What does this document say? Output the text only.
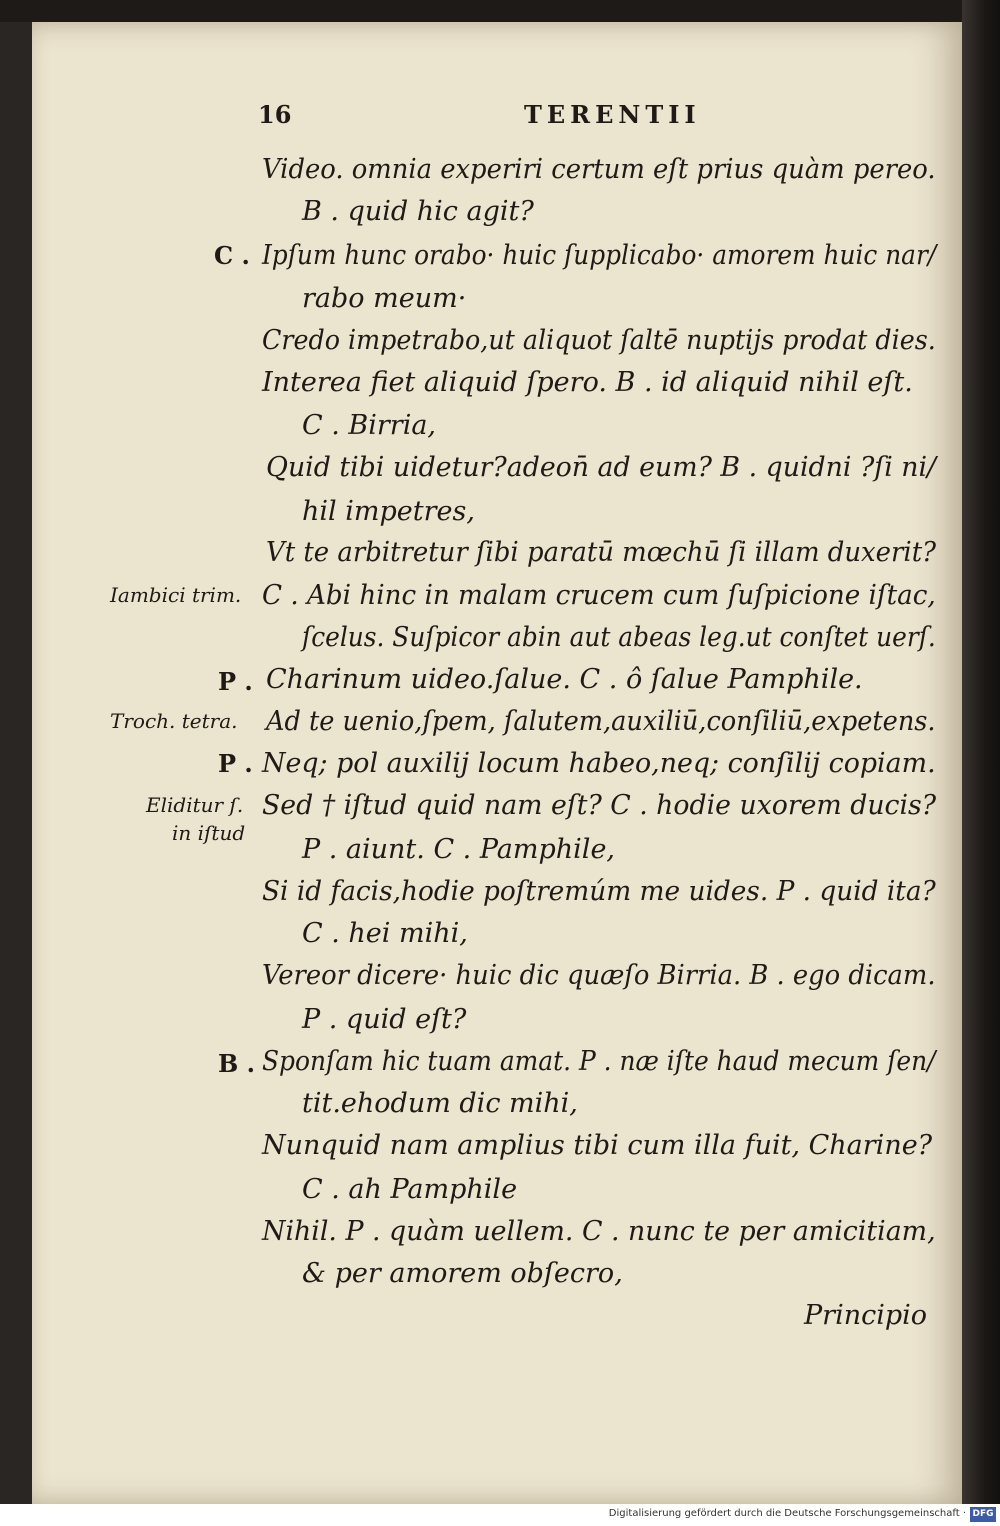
16	TERENTII
Video. omnia experiri certum eſt prius quàm pereo.
B . quid hic agit?
C . Ipſum hunc orabo· huic ſupplicabo· amorem huic nar/
rabo meum·
Credo impetrabo,ut aliquot ſaltē nuptijs prodat dies.
Interea fiet aliquid ſpero. B . id aliquid nihil eſt.
C . Birria,
Quid tibi uidetur?adeon̄ ad eum? B . quidni ?ſi ni/
hil impetres,
Vt te arbitretur ſibi paratū mœchū ſi illam duxerit?
Iambici trim. C . Abi hinc in malam crucem cum ſuſpicione iſtac,
ſcelus. Suſpicor abin aut abeas leg.ut conſtet uerſ.
P . Charinum uideo.ſalue. C . ô ſalue Pamphile.
Troch. tetra. Ad te uenio,ſpem, ſalutem,auxiliū,conſiliū,expetens.
P . Neq; pol auxilij locum habeo,neq; conſilij copiam.
Eliditur ſ. Sed † iſtud quid nam eſt? C . hodie uxorem ducis?
in iſtud
P . aiunt. C . Pamphile,
Si id facis,hodie poſtremúm me uides. P . quid ita?
C . hei mihi,
Vereor dicere· huic dic quæſo Birria. B . ego dicam.
P . quid eſt?
B . Sponſam hic tuam amat. P . næ iſte haud mecum ſen/
tit.ehodum dic mihi,
Nunquid nam amplius tibi cum illa fuit, Charine?
C . ah Pamphile
Nihil. P . quàm uellem. C . nunc te per amicitiam,
& per amorem obſecro,
Principio
Digitalisierung gefördert durch die Deutsche Forschungsgemeinschaft · DFG
